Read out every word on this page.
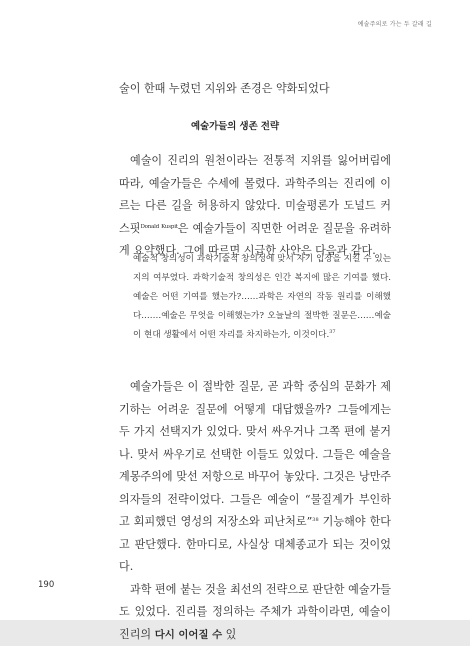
예술주의로 가는 두 갈래 길
술이 한때 누렸던 지위와 존경은 약화되었다
예술가들의 생존 전략

예술이 진리의 원천이라는 전통적 지위를 잃어버림에 따라, 예술가들은 수세에 몰렸다. 과학주의는 진리에 이르는 다른 길을 허용하지 않았다. 미술평론가 도널드 커스핏$^{Donald Kuspit}$은 예술가들이 직면한 어려운 질문을 유려하게 요약했다. 그에 따르면 시급한 사안은 다음과 같다.

예술적 창의성이 과학기술적 창의성에 맞서 자기 입장을 지킬 수 있는지의 여부였다. 과학기술적 창의성은 인간 복지에 많은 기여를 했다. 예술은 어떤 기여를 했는가?……과학은 자연의 작동 원리를 이해했다.……예술은 무엇을 이해했는가? 오늘날의 절박한 질문은……예술이 현대 생활에서 어떤 자리를 차지하는가, 이것이다.$^{37}$

예술가들은 이 절박한 질문, 곧 과학 중심의 문화가 제기하는 어려운 질문에 어떻게 대답했을까? 그들에게는 두 가지 선택지가 있었다. 맞서 싸우거나 그쪽 편에 붙거나. 맞서 싸우기로 선택한 이들도 있었다. 그들은 예술을 계몽주의에 맞선 저항으로 바꾸어 놓았다. 그것은 낭만주의자들의 전략이었다. 그들은 예술이 “물질계가 부인하고 회피했던 영성의 저장소와 피난처로”$^{38}$ 기능해야 한다고 판단했다. 한마디로, 사실상 대체종교가 되는 것이었다.

과학 편에 붙는 것을 최선의 전략으로 판단한 예술가들도 있었다. 진리를 정의하는 주체가 과학이라면, 예술이 진리의 다시 이어질 수 있

190
